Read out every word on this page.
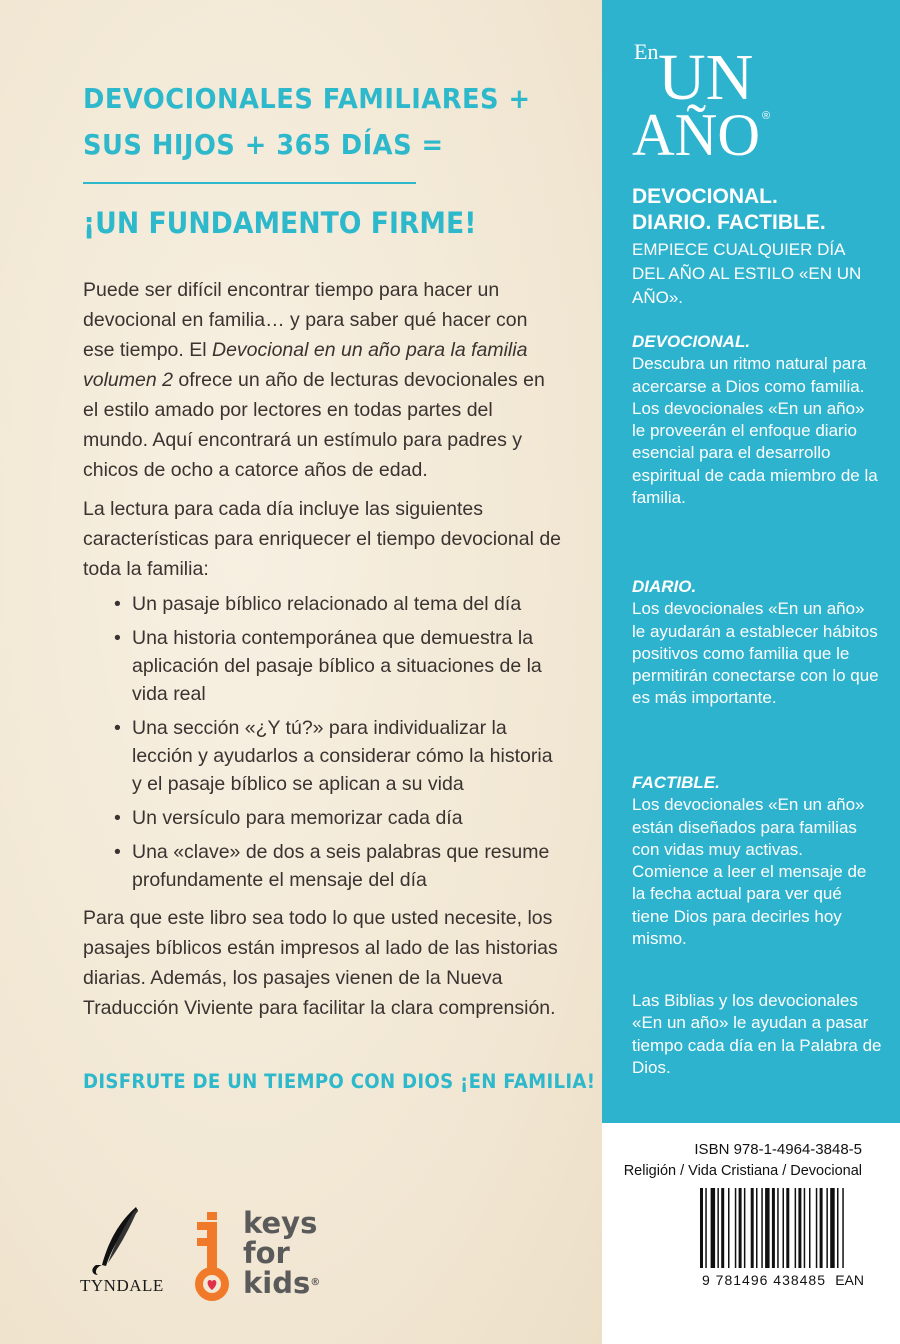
DEVOCIONALES FAMILIARES +
SUS HIJOS + 365 DÍAS =
¡UN FUNDAMENTO FIRME!
Puede ser difícil encontrar tiempo para hacer un devocional en familia… y para saber qué hacer con ese tiempo. El Devocional en un año para la familia volumen 2 ofrece un año de lecturas devocionales en el estilo amado por lectores en todas partes del mundo. Aquí encontrará un estímulo para padres y chicos de ocho a catorce años de edad.
La lectura para cada día incluye las siguientes características para enriquecer el tiempo devocional de toda la familia:
• Un pasaje bíblico relacionado al tema del día
• Una historia contemporánea que demuestra la aplicación del pasaje bíblico a situaciones de la vida real
• Una sección «¿Y tú?» para individualizar la lección y ayudarlos a considerar cómo la historia y el pasaje bíblico se aplican a su vida
• Un versículo para memorizar cada día
• Una «clave» de dos a seis palabras que resume profundamente el mensaje del día
Para que este libro sea todo lo que usted necesite, los pasajes bíblicos están impresos al lado de las historias diarias. Además, los pasajes vienen de la Nueva Traducción Viviente para facilitar la clara comprensión.
DISFRUTE DE UN TIEMPO CON DIOS ¡EN FAMILIA!
TYNDALE
keys
for
kids®
En UN
AÑO ®
DEVOCIONAL.
DIARIO. FACTIBLE.
EMPIECE CUALQUIER DÍA DEL AÑO AL ESTILO «EN UN AÑO».
DEVOCIONAL.
Descubra un ritmo natural para acercarse a Dios como familia. Los devocionales «En un año» le proveerán el enfoque diario esencial para el desarrollo espiritual de cada miembro de la familia.
DIARIO.
Los devocionales «En un año» le ayudarán a establecer hábitos positivos como familia que le permitirán conectarse con lo que es más importante.
FACTIBLE.
Los devocionales «En un año» están diseñados para familias con vidas muy activas. Comience a leer el mensaje de la fecha actual para ver qué tiene Dios para decirles hoy mismo.
Las Biblias y los devocionales «En un año» le ayudan a pasar tiempo cada día en la Palabra de Dios.
ISBN 978-1-4964-3848-5
Religión / Vida Cristiana / Devocional
9 781496 438485 EAN
